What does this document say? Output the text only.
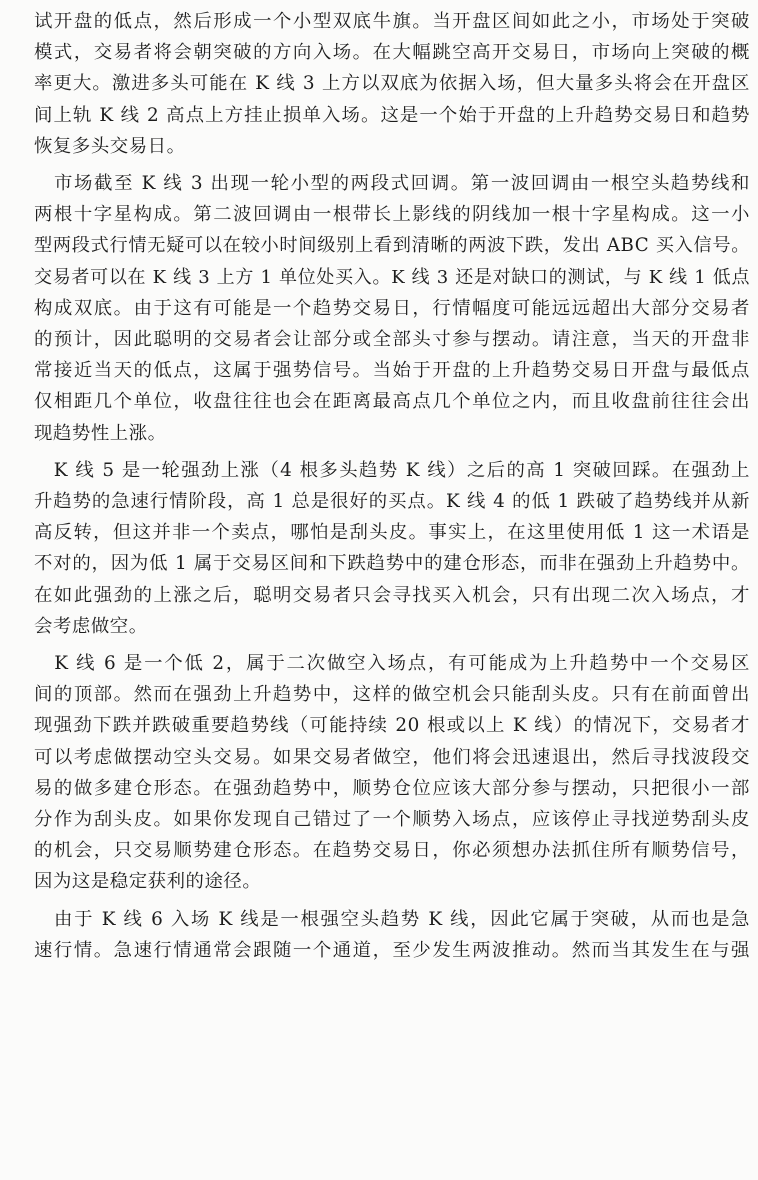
试开盘的低点，然后形成一个小型双底牛旗。当开盘区间如此之小，市场处于突破
模式，交易者将会朝突破的方向入场。在大幅跳空高开交易日，市场向上突破的概
率更大。激进多头可能在 K 线 3 上方以双底为依据入场，但大量多头将会在开盘区
间上轨 K 线 2 高点上方挂止损单入场。这是一个始于开盘的上升趋势交易日和趋势
恢复多头交易日。
　市场截至 K 线 3 出现一轮小型的两段式回调。第一波回调由一根空头趋势线和
两根十字星构成。第二波回调由一根带长上影线的阴线加一根十字星构成。这一小
型两段式行情无疑可以在较小时间级别上看到清晰的两波下跌，发出 ABC 买入信号。
交易者可以在 K 线 3 上方 1 单位处买入。K 线 3 还是对缺口的测试，与 K 线 1 低点
构成双底。由于这有可能是一个趋势交易日，行情幅度可能远远超出大部分交易者
的预计，因此聪明的交易者会让部分或全部头寸参与摆动。请注意，当天的开盘非
常接近当天的低点，这属于强势信号。当始于开盘的上升趋势交易日开盘与最低点
仅相距几个单位，收盘往往也会在距离最高点几个单位之内，而且收盘前往往会出
现趋势性上涨。
　K 线 5 是一轮强劲上涨（4 根多头趋势 K 线）之后的高 1 突破回踩。在强劲上
升趋势的急速行情阶段，高 1 总是很好的买点。K 线 4 的低 1 跌破了趋势线并从新
高反转，但这并非一个卖点，哪怕是刮头皮。事实上，在这里使用低 1 这一术语是
不对的，因为低 1 属于交易区间和下跌趋势中的建仓形态，而非在强劲上升趋势中。
在如此强劲的上涨之后，聪明交易者只会寻找买入机会，只有出现二次入场点，才
会考虑做空。
　K 线 6 是一个低 2，属于二次做空入场点，有可能成为上升趋势中一个交易区
间的顶部。然而在强劲上升趋势中，这样的做空机会只能刮头皮。只有在前面曾出
现强劲下跌并跌破重要趋势线（可能持续 20 根或以上 K 线）的情况下，交易者才
可以考虑做摆动空头交易。如果交易者做空，他们将会迅速退出，然后寻找波段交
易的做多建仓形态。在强劲趋势中，顺势仓位应该大部分参与摆动，只把很小一部
分作为刮头皮。如果你发现自己错过了一个顺势入场点，应该停止寻找逆势刮头皮
的机会，只交易顺势建仓形态。在趋势交易日，你必须想办法抓住所有顺势信号，
因为这是稳定获利的途径。
　由于 K 线 6 入场 K 线是一根强空头趋势 K 线，因此它属于突破，从而也是急
速行情。急速行情通常会跟随一个通道，至少发生两波推动。然而当其发生在与强
